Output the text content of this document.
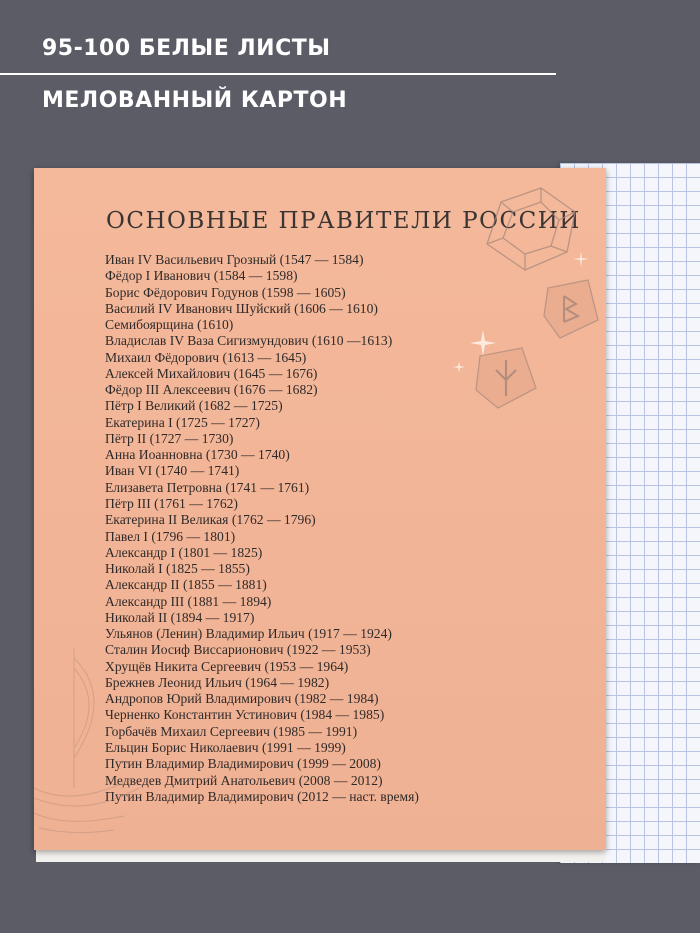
95-100 БЕЛЫЕ ЛИСТЫ
МЕЛОВАННЫЙ КАРТОН
ОСНОВНЫЕ ПРАВИТЕЛИ РОССИИ
Иван IV Васильевич Грозный (1547 — 1584)
Фёдор I Иванович (1584 — 1598)
Борис Фёдорович Годунов (1598 — 1605)
Василий IV Иванович Шуйский (1606 — 1610)
Семибоярщина (1610)
Владислав IV Ваза Сигизмундович (1610 —1613)
Михаил Фёдорович (1613 — 1645)
Алексей Михайлович (1645 — 1676)
Фёдор III Алексеевич (1676 — 1682)
Пётр I Великий (1682 — 1725)
Екатерина I (1725 — 1727)
Пётр II (1727 — 1730)
Анна Иоанновна (1730 — 1740)
Иван VI (1740 — 1741)
Елизавета Петровна (1741 — 1761)
Пётр III (1761 — 1762)
Екатерина II Великая (1762 — 1796)
Павел I (1796 — 1801)
Александр I (1801 — 1825)
Николай I (1825 — 1855)
Александр II (1855 — 1881)
Александр III (1881 — 1894)
Николай II (1894 — 1917)
Ульянов (Ленин) Владимир Ильич (1917 — 1924)
Сталин Иосиф Виссарионович (1922 — 1953)
Хрущёв Никита Сергеевич (1953 — 1964)
Брежнев Леонид Ильич (1964 — 1982)
Андропов Юрий Владимирович (1982 — 1984)
Черненко Константин Устинович (1984 — 1985)
Горбачёв Михаил Сергеевич (1985 — 1991)
Ельцин Борис Николаевич (1991 — 1999)
Путин Владимир Владимирович (1999 — 2008)
Медведев Дмитрий Анатольевич (2008 — 2012)
Путин Владимир Владимирович (2012 — наст. время)
